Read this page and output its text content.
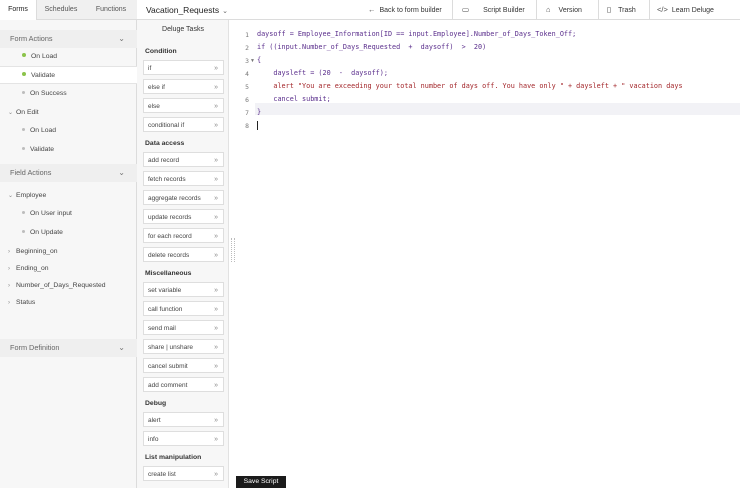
Forms	Schedules	Functions
Form Actions	⌄
On Load
Validate
On Success
⌄ On Edit
On Load
Validate
Field Actions	⌄
⌄ Employee
On User input
On Update
› Beginning_on
› Ending_on
› Number_of_Days_Requested
› Status
Form Definition	⌄
Deluge Tasks
Condition
Data access
Miscellaneous
Debug
List manipulation
if	»
else if	»
else	»
conditional if	»
add record	»
fetch records	»
aggregate records »
update records	»
for each record	»
delete records	»
set variable	»
call function	»
send mail	»
share | unshare	»
cancel submit	»
add comment	»
alert	»
info	»
create list	»
Vacation_Requests ⌄	← Back to form builder	▭ Script Builder	⌂ Version	▯ Trash	</> Learn Deluge
1
2
3 ▼
4
5
6
7
8
daysoff = Employee_Information[ID == input.Employee].Number_of_Days_Token_Off;
if ((input.Number_of_Days_Requested  +  daysoff)  >  20)
{
daysleft = (20  -  daysoff);
alert "You are exceeding your total number of days off. You have only " + daysleft + " vacation days
cancel submit;
}
Save Script
